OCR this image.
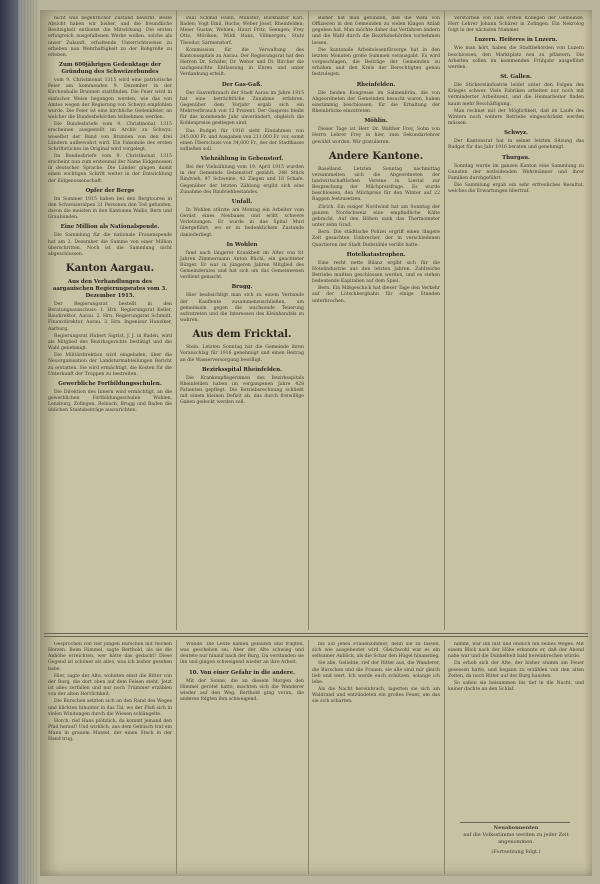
nicht was begehrlicher Zustand bewirkt. Beste Absicht haben wir bisher, und die freundliche Besitzigkeit entbietet die Mitwirkung. Die ersten erfolgreich ausgefallenen Werke wollen, solche als unser Zukunft, erhaltende Unterrichtsweise zu erheben nun Wehrhaftigkeit zu der Rohgröße zu erleben.
Zum 600jährigen Gedenktage der Gründung des Schweizerbundes
vom 9. Christmonat 1315 wird eine patriotische Feier am kommenden 9. Dezember in der Kirchenhalle Brunnen stattfinden. Die Feier wird in einfacher Weise begangen werden, wie das von Amtes wegen der Regierung von Schwyz empfohlen wurde. Die Feier ist eine kirchliche Gedenkfeier, an welcher die Bundesbehörden teilnehmen werden.
Die Bundesbriefe vom 9. Christmonat 1315 erscheinen ausgestellt im Archiv zu Schwyz, woselbst der Bund von Brunnen von den drei Ländern aufbewahrt wird. Ein Faksimile des ersten Schriftstückes im Original wird vorgelegt.
Im Bundesbriefe vom 9. Christmonat 1315 erscheint nun zum erstenmal der Name Eidgenossen in deutscher Sprache. Die Länder gingen damit einen wichtigen Schritt weiter in der Entwicklung der Eidgenossenschaft.
Opfer der Berge
Im Sommer 1915 haben bei den Bergtouren in den Schweizeralpen 31 Personen den Tod gefunden, davon die meisten in den Kantonen Wallis, Bern und Graubünden.
Eine Million als Nationalspende.
Die Sammlung für die nationale Frauenspende hat am 2. Dezember die Summe von einer Million überschritten. Noch ist die Sammlung nicht abgeschlossen.
Kanton Aargau.
Aus den Verhandlungen des aargauischen Regierungsrates vom 3. Dezember 1915.
Der Regierungsrat bestellt in den Beratungsausschuss: 1. Hrn. Regierungsrat Keller, Baudirektor, Aarau. 2. Hrn. Regierungsrat Schmidt, Finanzdirektor, Aarau. 3. Hrn. Ingenieur Hunziker, Aarburg.
Regierungsrat Hubert Sigrist, J. J. in Baden, wird als Mitglied des Bezirksgerichts bestätigt und die Wahl genehmigt.
Die Militärdirektion wird eingeladen, über die Neuorganisation der Landsturmabteilungen Bericht zu erstatten. Sie wird ermächtigt, die Kosten für die Unterkunft der Truppen zu bestreiten.
Gewerbliche Fortbildungsschulen.
Die Direktion des Innern wird ermächtigt, an die gewerblichen Fortbildungsschulen Wohlen, Lenzburg, Zofingen, Reinach, Brugg und Baden die üblichen Staatsbeiträge auszurichten.
Paul Schmid Hunn, Münster; Burkhalter Karl, Baden; Vogt Emil, Buchs; Weber Josef, Rheinfelden; Meier Gustav, Wohlen; Hauri Fritz, Seengen; Frey Otto, Möriken; Wildi Hans, Villmergen; Stutz Theodor, Sarmenstorf.
Kommission für die Verwaltung des Kantonsspitals zu Aarau: Der Regierungsrat hat den Herren Dr. Schäfer, Dr. Weber und Dr. Bircher die nachgesuchte Entlassung in Ehren und unter Verdankung erteilt.
Der Gas-Gaß.
Der Gasverbrauch der Stadt Aarau im Jahre 1915 hat eine beträchtliche Zunahme erfahren. Gegenüber dem Vorjahr ergab sich ein Mehrverbrauch von 12 Prozent. Der Gaspreis bleibt für das kommende Jahr unverändert, obgleich die Kohlenpreise gestiegen sind.
Das Budget für 1916 sieht Einnahmen von 245,000 Fr. und Ausgaben von 211,000 Fr. vor, somit einen Überschuss von 34,000 Fr., der der Stadtkasse zufließen soll.
Viehzählung in Gebenstorf.
Bei der Viehzählung vom 19. April 1915 wurden in der Gemeinde Gebenstorf gezählt: 248 Stück Rindvieh, 97 Schweine, 42 Ziegen und 18 Schafe. Gegenüber der letzten Zählung ergibt sich eine Zunahme des Rindviehbestandes.
Unfall.
In Wohlen stürzte am Montag ein Arbeiter vom Gerüst eines Neubaues und erlitt schwere Verletzungen. Er wurde in das Spital Muri übergeführt, wo er in bedenklichem Zustande daniederliegt.
In Wohlen
fand nach längerer Krankheit im Alter von 81 Jahren Zimmermann Anton Büchi, ein geachteter Bürger. Er war in jüngeren Jahren Mitglied des Gemeinderates und hat sich um das Gemeinwesen verdient gemacht.
Brugg.
Hier beabsichtigt man sich zu einem Verbande der Kaufleute zusammenzuschließen, um gemeinsam gegen die wachsende Teuerung aufzutreten und die Interessen des Kleinhandels zu wahren.
Aus dem Fricktal.
Stein. Letzten Sonntag hat die Gemeinde ihren Voranschlag für 1916 genehmigt und einen Beitrag an die Wasserversorgung bewilligt.
Bezirksspital Rheinfelden.
Die Krankenpflegerinnen des Bezirksspitals Rheinfelden haben im vergangenen Jahre 428 Patienten gepflegt. Die Betriebsrechnung schließt mit einem kleinen Defizit ab, das durch freiwillige Gaben gedeckt werden soll.
Bisher hat man gefunden, daß die Wahl von Offizieren in den Gemeinden zu vielen Klagen Anlaß gegeben hat. Man möchte daher das Verfahren ändern und die Wahl durch die Bezirksbehörden vornehmen lassen.
Die kantonale Arbeitslosenfürsorge hat in den letzten Monaten große Summen verausgabt. Es wird vorgeschlagen, die Beiträge der Gemeinden zu erhöhen und den Kreis der Berechtigten genau festzulegen.
Rheinfelden.
Die beiden Kongresse im Salmenbräu, die von Abgeordneten der Gemeinden besucht waren, haben einstimmig beschlossen, für die Erhaltung der Rheinbrücke einzutreten.
Möhlin.
Dieser Tage ist Herr Dr. Walther Frey, Sohn von Herrn Lehrer Frey in hier, zum Sekundarlehrer gewählt worden. Wir gratulieren.
Andere Kantone.
Baselland. Letzten Sonntag nachmittag versammelten sich die Abgeordneten der landwirtschaftlichen Vereine in Liestal zur Besprechung der Milchpreisfrage. Es wurde beschlossen, den Milchpreis für den Winter auf 22 Rappen festzusetzen.
Zürich. Ein eisiger Nordwind hat am Sonntag der ganzen Nordschweiz eine empfindliche Kälte gebracht. Auf den Höhen sank das Thermometer unter zehn Grad.
Bern. Die städtische Polizei ergriff einen längere Zeit gesuchten Einbrecher, der in verschiedenen Quartieren der Stadt Diebstähle verübt hatte.
Hotelkatastrophen.
Eine recht nette Bilanz ergibt sich für die Hotelindustrie aus den letzten Jahren. Zahlreiche Betriebe mußten geschlossen werden, und es stehen bedeutende Kapitalien auf dem Spiel.
Bern. Ein Mißgeschick hat dieser Tage den Verkehr auf der Lötschbergbahn für einige Stunden unterbrochen.
Verstorben von zum ersten Kollegen der Gemeinde, Herr Lehrer Johann Schärer in Zofingen. Ein Nekrolog folgt in der nächsten Nummer.
Luzern. Heiteres in Luzern.
Wie man hört, haben die Stadtbehörden von Luzern beschlossen, den Marktplatz neu zu pflästern. Die Arbeiten sollen im kommenden Frühjahr ausgeführt werden.
St. Gallen.
Die Stickereiindustrie leidet unter den Folgen des Krieges schwer. Viele Fabriken arbeiten nur noch mit verminderter Arbeitszeit, und die Heimarbeiter finden kaum mehr Beschäftigung.
Man rechnet mit der Möglichkeit, daß im Laufe des Winters noch weitere Betriebe eingeschränkt werden müssen.
Schwyz.
Der Kantonsrat hat in seiner letzten Sitzung das Budget für das Jahr 1916 beraten und genehmigt.
Thurgau.
Sonntag wurde im ganzen Kanton eine Sammlung zu Gunsten der notleidenden Wehrmänner und ihrer Familien durchgeführt.
Die Sammlung ergab ein sehr erfreuliches Resultat, welches die Erwartungen übertraf.
Gesprochen von vier jungen Burschen mit reichen Herzen. Beim Himmel, sagte Berthold, als sie die Anhöhe erreichten, wer hätte das gedacht! Diese Gegend ist schöner als alles, was ich bisher gesehen habe.
Hier, sagte der Alte, wohnten einst die Ritter von der Burg, die dort oben auf dem Felsen steht. Jetzt ist alles zerfallen und nur noch Trümmer erzählen von der alten Herrlichkeit.
Die Burschen setzten sich an den Rand des Weges und blickten hinunter in das Tal, wo der Fluß sich in vielen Windungen durch die Wiesen schlängelte.
Horch, rief Hans plötzlich, da kommt jemand den Pfad herauf! Und wirklich, aus dem Gebüsch trat ein Mann in grauem Mantel, der einen Stock in der Hand trug.
Wunde. Die Leute kamen gelaufen und fragten, was geschehen sei. Aber der Alte schwieg und deutete nur hinauf nach der Burg. Da verstanden sie ihn und gingen schweigend wieder an ihre Arbeit.
10. Von einer Gefahr in die andere.
Mit der Sonne, die an diesem Morgen den Himmel gerötet hatte, machten sich die Wanderer wieder auf den Weg. Berthold ging voran, die anderen folgten ihm schweigend.
bis auf jenes Frauenzimmer, denn sie zu fassen, sich wie ausgebeutet wird. Gleichwohl war es ein seltsamer Anblick, als die Schar den Hügel hinanstieg.
Sie alle, Geliebte, rief der Ritter aus, die Wanderer, die Burschen und die Frauen, sie alle sind mir gleich lieb und wert. Ich werde euch schützen, solange ich lebe.
Als die Nacht hereinbrach, lagerten sie sich am Waldrand und entzündeten ein großes Feuer, um das sie sich scharten.
nimmt, war ihn fast und endlich hin seines Weges. Mit einem Blick nach der Höhe erkannte er, daß der Abend nahe war und die Dunkelheit bald hereinbrechen würde.
Da erhob sich der Alte, der bisher stumm am Feuer gesessen hatte, und begann zu erzählen von den alten Zeiten, da noch Ritter auf der Burg hausten.
So saßen sie beisammen bis tief in die Nacht, und keiner dachte an den Schlaf.
Neuabonnenten
auf die Volksstimme werden zu jeder Zeit angenommen.
(Fortsetzung folgt.)
